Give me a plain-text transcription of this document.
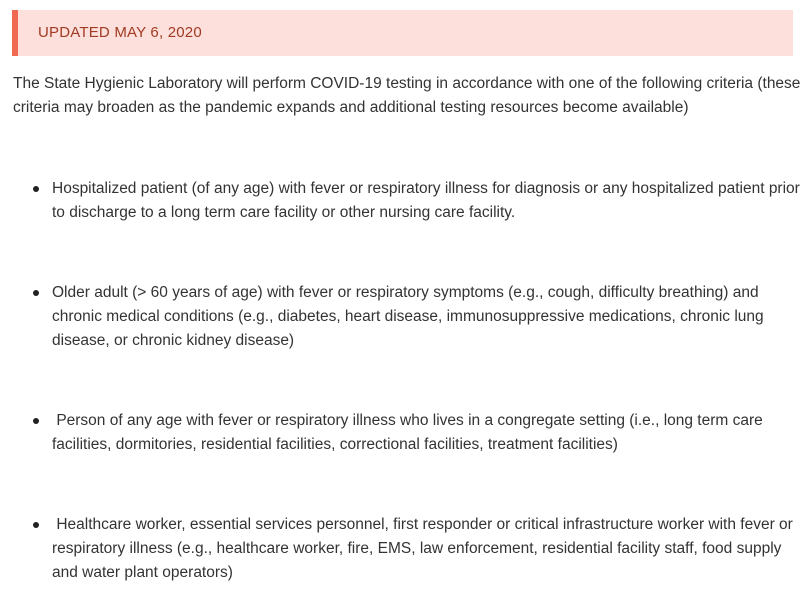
UPDATED MAY 6, 2020

The State Hygienic Laboratory will perform COVID-19 testing in accordance with one of the following criteria (these criteria may broaden as the pandemic expands and additional testing resources become available)

Hospitalized patient (of any age) with fever or respiratory illness for diagnosis or any hospitalized patient prior to discharge to a long term care facility or other nursing care facility.
Older adult (> 60 years of age) with fever or respiratory symptoms (e.g., cough, difficulty breathing) and chronic medical conditions (e.g., diabetes, heart disease, immunosuppressive medications, chronic lung disease, or chronic kidney disease)
Person of any age with fever or respiratory illness who lives in a congregate setting (i.e., long term care facilities, dormitories, residential facilities, correctional facilities, treatment facilities)
Healthcare worker, essential services personnel, first responder or critical infrastructure worker with fever or respiratory illness (e.g., healthcare worker, fire, EMS, law enforcement, residential facility staff, food supply and water plant operators)
